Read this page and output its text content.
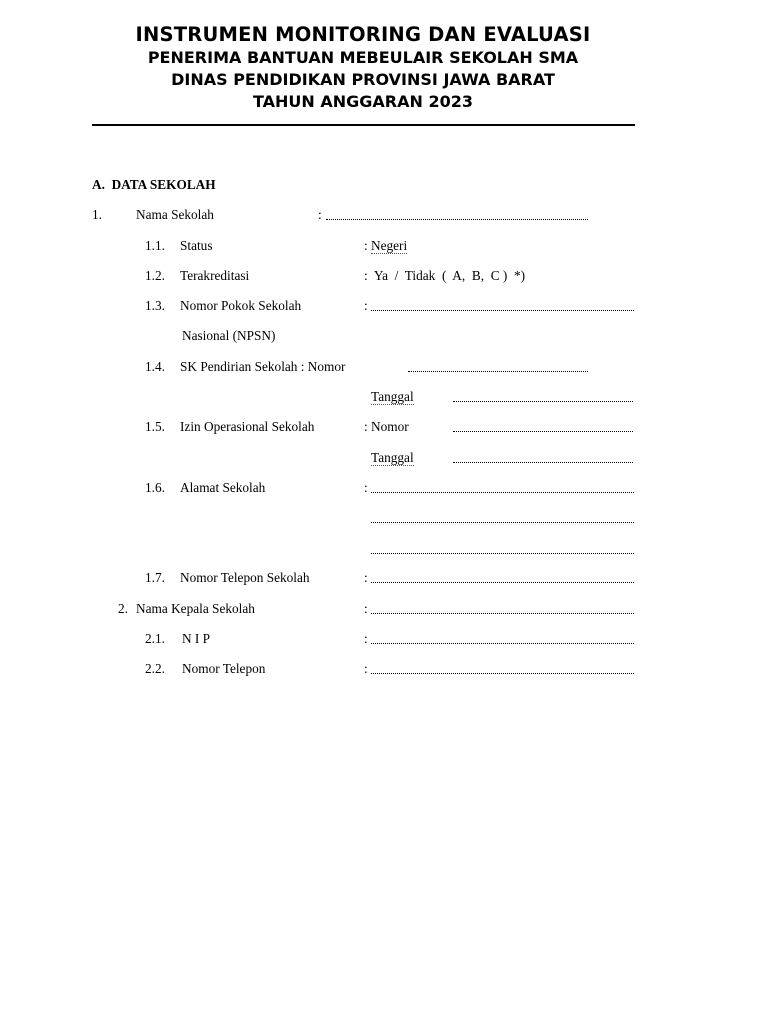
INSTRUMEN MONITORING DAN EVALUASI
PENERIMA BANTUAN MEBEULAIR SEKOLAH SMA
DINAS PENDIDIKAN PROVINSI JAWA BARAT
TAHUN ANGGARAN 2023
A.  DATA SEKOLAH
1.	Nama Sekolah	:
1.1. Status	: Negeri
1.2. Terakreditasi	:  Ya  /  Tidak  (  A,  B,  C )  *)
1.3. Nomor Pokok Sekolah	:
Nasional (NPSN)
1.4. SK Pendirian Sekolah : Nomor
Tanggal
1.5. Izin Operasional Sekolah	: Nomor
Tanggal
1.6. Alamat Sekolah	:
1.7. Nomor Telepon Sekolah	:
2. Nama Kepala Sekolah	:
2.1. N I P	:
2.2. Nomor Telepon	:
